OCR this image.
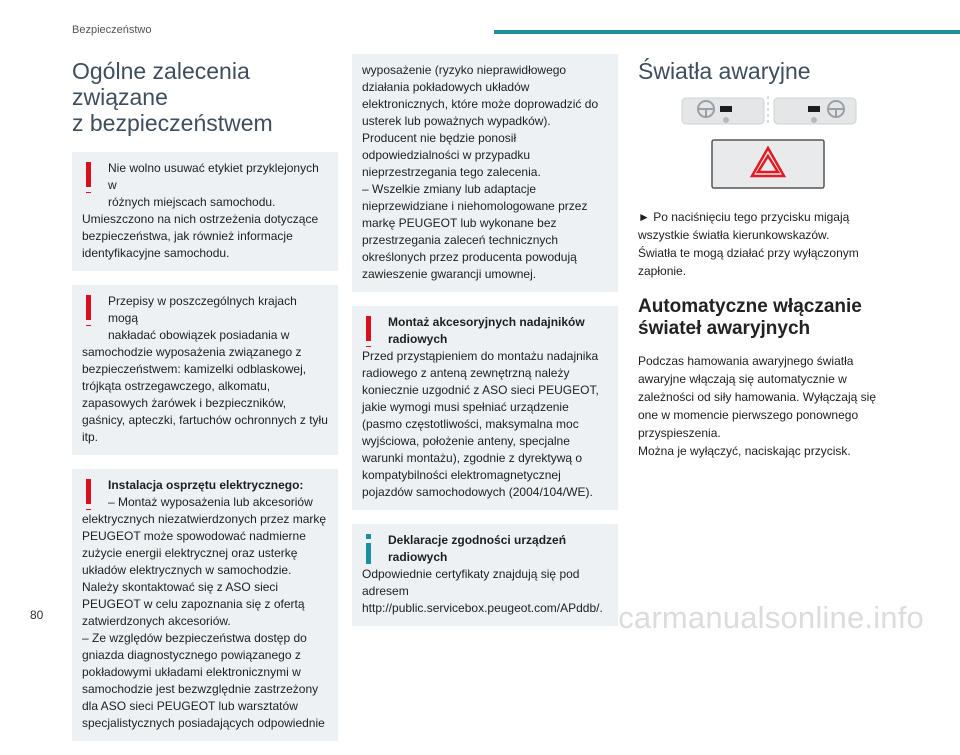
Bezpieczeństwo
Ogólne zalecenia związane
z bezpieczeństwem
Nie wolno usuwać etykiet przyklejonych w
różnych miejscach samochodu.
Umieszczono na nich ostrzeżenia dotyczące bezpieczeństwa, jak również informacje identyfikacyjne samochodu.
Przepisy w poszczególnych krajach mogą
nakładać obowiązek posiadania w
samochodzie wyposażenia związanego z bezpieczeństwem: kamizelki odblaskowej, trójkąta ostrzegawczego, alkomatu, zapasowych żarówek i bezpieczników, gaśnicy, apteczki, fartuchów ochronnych z tyłu itp.
Instalacja osprzętu elektrycznego:
– Montaż wyposażenia lub akcesoriów
elektrycznych niezatwierdzonych przez markę PEUGEOT może spowodować nadmierne zużycie energii elektrycznej oraz usterkę układów elektrycznych w samochodzie. Należy skontaktować się z ASO sieci PEUGEOT w celu zapoznania się z ofertą zatwierdzonych akcesoriów.
– Ze względów bezpieczeństwa dostęp do gniazda diagnostycznego powiązanego z pokładowymi układami elektronicznymi w samochodzie jest bezwzględnie zastrzeżony dla ASO sieci PEUGEOT lub warsztatów specjalistycznych posiadających odpowiednie
wyposażenie (ryzyko nieprawidłowego działania pokładowych układów elektronicznych, które może doprowadzić do usterek lub poważnych wypadków). Producent nie będzie ponosił odpowiedzialności w przypadku nieprzestrzegania tego zalecenia.
– Wszelkie zmiany lub adaptacje nieprzewidziane i niehomologowane przez markę PEUGEOT lub wykonane bez przestrzegania zaleceń technicznych określonych przez producenta powodują zawieszenie gwarancji umownej.
Montaż akcesoryjnych nadajników
radiowych
Przed przystąpieniem do montażu nadajnika radiowego z anteną zewnętrzną należy koniecznie uzgodnić z ASO sieci PEUGEOT, jakie wymogi musi spełniać urządzenie (pasmo częstotliwości, maksymalna moc wyjściowa, położenie anteny, specjalne warunki montażu), zgodnie z dyrektywą o kompatybilności elektromagnetycznej pojazdów samochodowych (2004/104/WE).
Deklaracje zgodności urządzeń
radiowych
Odpowiednie certyfikaty znajdują się pod adresem http://public.servicebox.peugeot.com/APddb/.
Światła awaryjne

► Po naciśnięciu tego przycisku migają wszystkie światła kierunkowskazów.

Światła te mogą działać przy wyłączonym zapłonie.

Automatyczne włączanie
świateł awaryjnych

Podczas hamowania awaryjnego światła awaryjne włączają się automatycznie w zależności od siły hamowania. Wyłączają się one w momencie pierwszego ponownego przyspieszenia.

Można je wyłączyć, naciskając przycisk.

80	carmanualsonline.info
